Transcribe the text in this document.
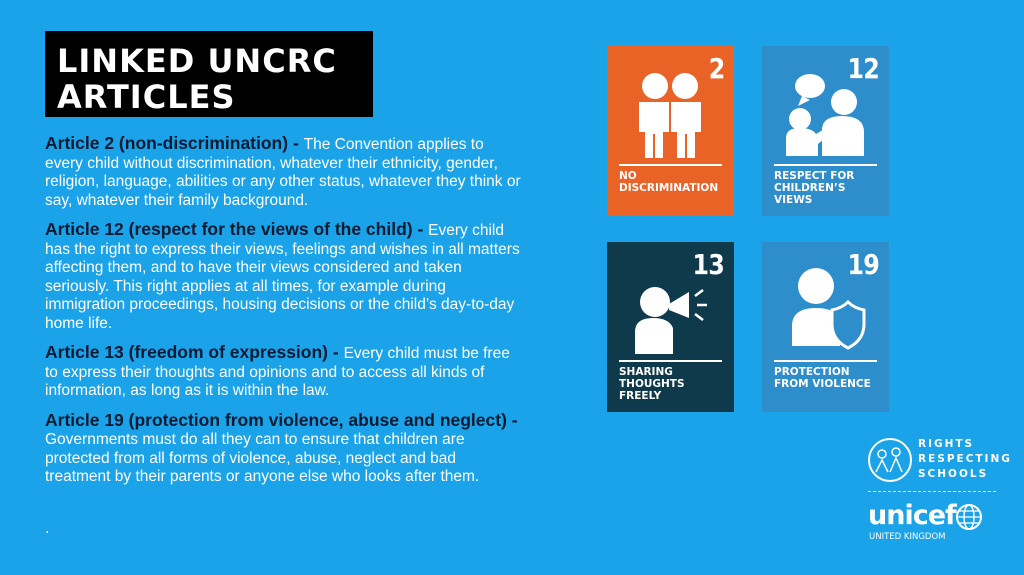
LINKED UNCRC
ARTICLES

Article 2 (non-discrimination) - The Convention applies to every child without discrimination, whatever their ethnicity, gender, religion, language, abilities or any other status, whatever they think or say, whatever their family background.

Article 12 (respect for the views of the child) - Every child has the right to express their views, feelings and wishes in all matters affecting them, and to have their views considered and taken seriously. This right applies at all times, for example during immigration proceedings, housing decisions or the child’s day-to-day home life.

Article 13 (freedom of expression) - Every child must be free to express their thoughts and opinions and to access all kinds of information, as long as it is within the law.

Article 19 (protection from violence, abuse and neglect) - Governments must do all they can to ensure that children are protected from all forms of violence, abuse, neglect and bad treatment by their parents or anyone else who looks after them.

.
2
NO DISCRIMINATION
12
RESPECT FOR CHILDREN’S VIEWS
13
SHARING THOUGHTS FREELY
19
PROTECTION FROM VIOLENCE
RIGHTS
RESPECTING
SCHOOLS
unicef
UNITED KINGDOM
